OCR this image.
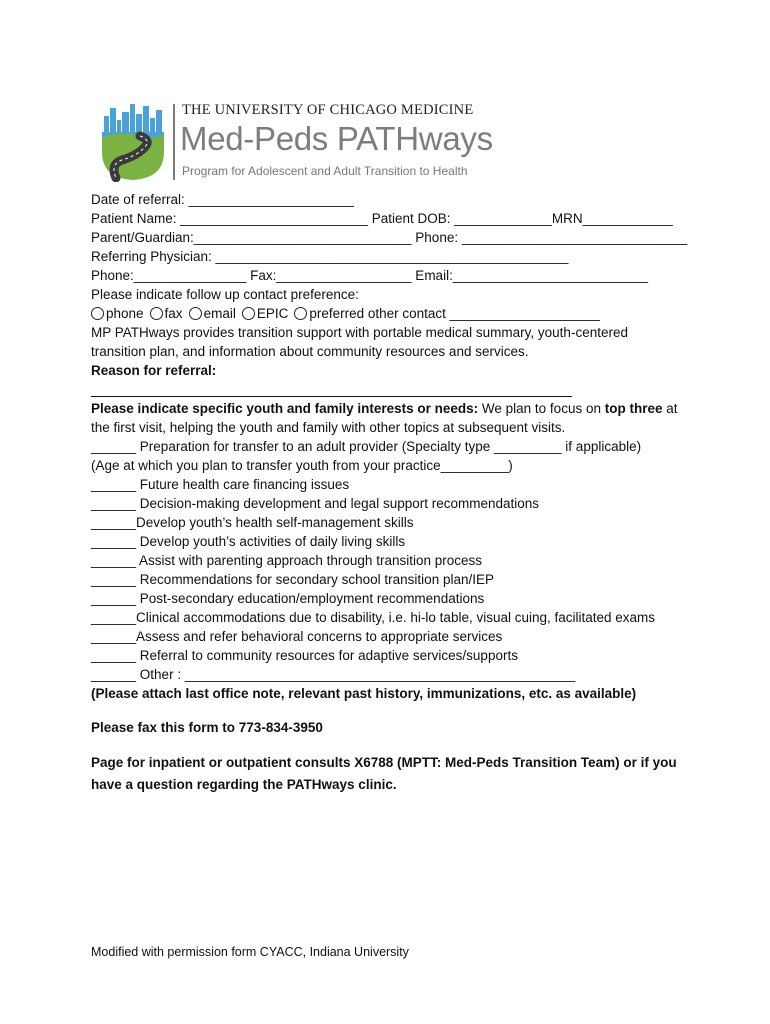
THE UNIVERSITY OF CHICAGO MEDICINE
Med-Peds PATHways
Program for Adolescent and Adult Transition to Health
Date of referral: ______________________
Patient Name: _________________________ Patient DOB: _____________MRN____________
Parent/Guardian:_____________________________ Phone: ______________________________
Referring Physician: _______________________________________________
Phone:_______________ Fax:__________________ Email:__________________________
Please indicate follow up contact preference:
phone fax email EPIC preferred other contact ____________________
MP PATHways provides transition support with portable medical summary, youth-centered
transition plan, and information about community resources and services.
Reason for referral:
Please indicate specific youth and family interests or needs: We plan to focus on top three at
the first visit, helping the youth and family with other topics at subsequent visits.
______ Preparation for transfer to an adult provider (Specialty type _________ if applicable)
(Age at which you plan to transfer youth from your practice_________)
______ Future health care financing issues
______ Decision-making development and legal support recommendations
______Develop youth’s health self-management skills
______ Develop youth’s activities of daily living skills
______ Assist with parenting approach through transition process
______ Recommendations for secondary school transition plan/IEP
______ Post-secondary education/employment recommendations
______Clinical accommodations due to disability, i.e. hi-lo table, visual cuing, facilitated exams
______Assess and refer behavioral concerns to appropriate services
______ Referral to community resources for adaptive services/supports
______ Other : ____________________________________________________
(Please attach last office note, relevant past history, immunizations, etc. as available)
Please fax this form to 773-834-3950
Page for inpatient or outpatient consults X6788 (MPTT: Med-Peds Transition Team) or if you
have a question regarding the PATHways clinic.
Modified with permission form CYACC, Indiana University
